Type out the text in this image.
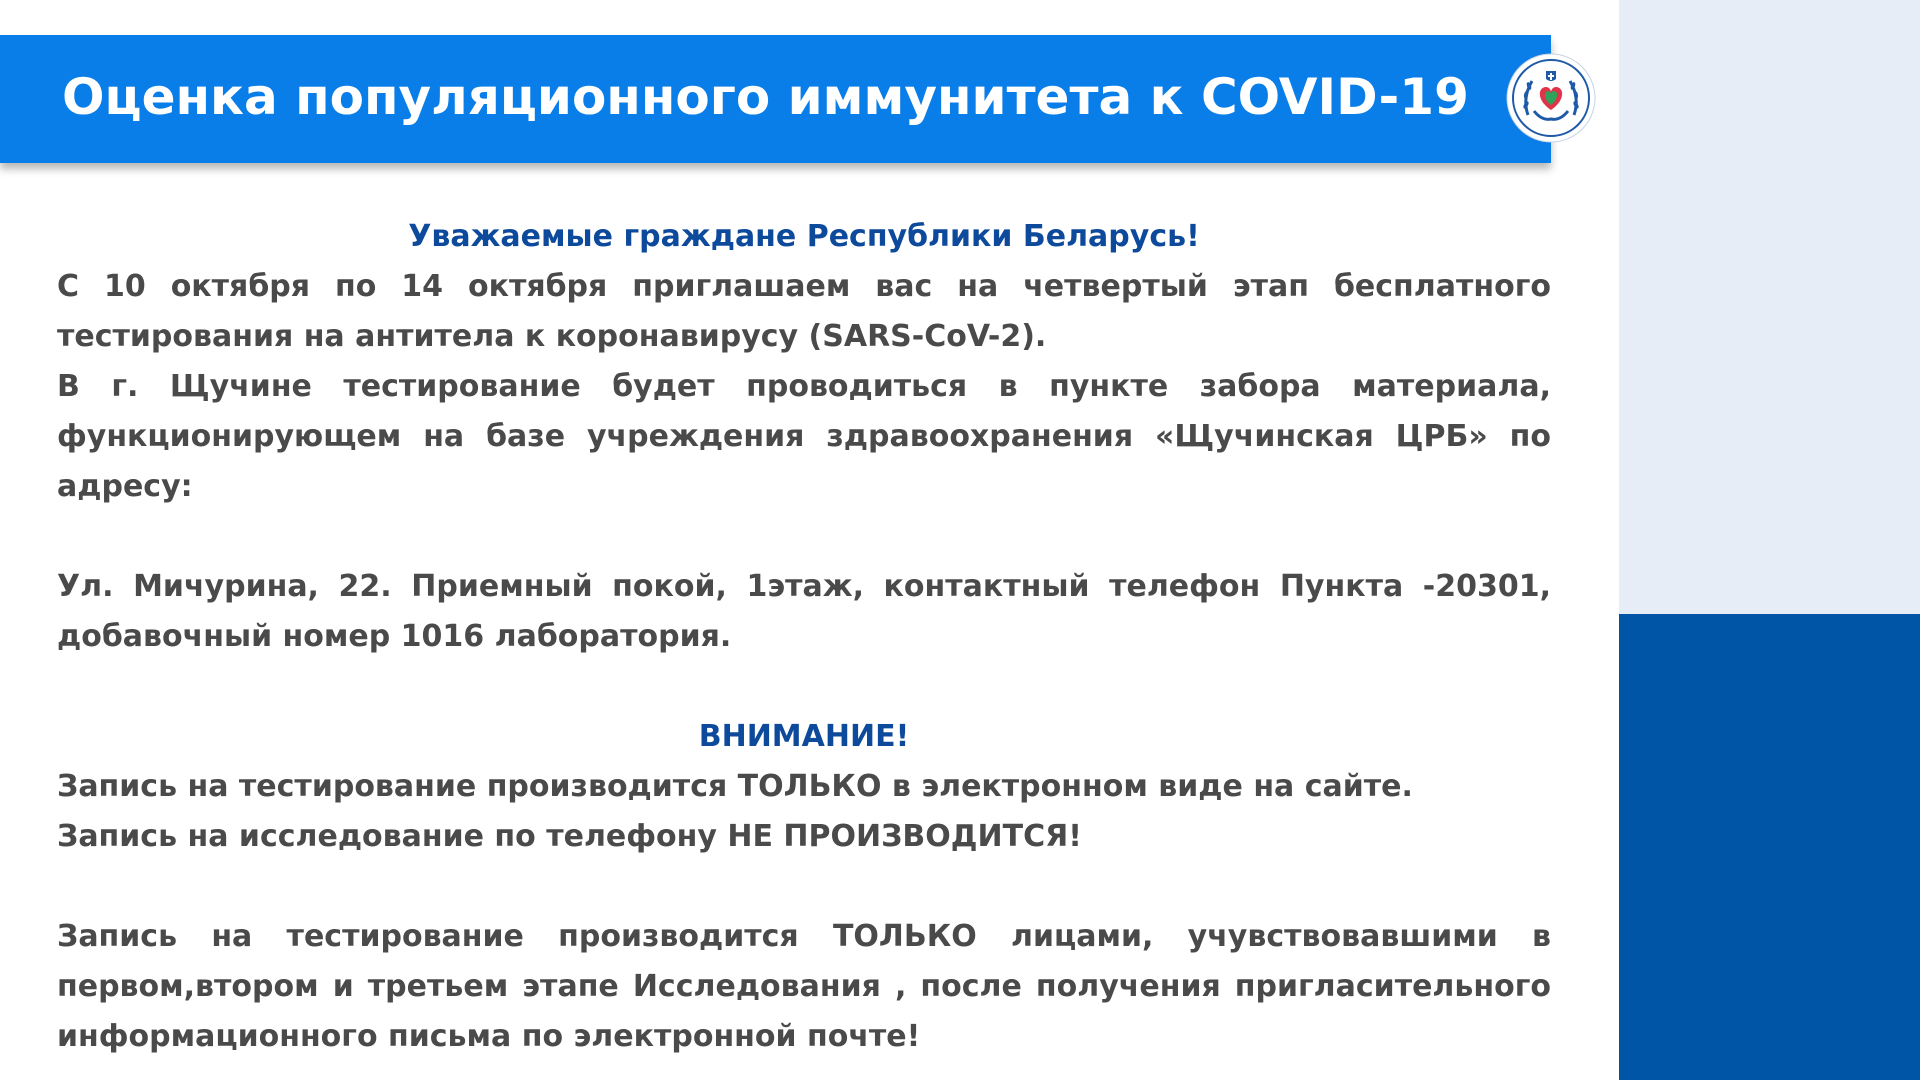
Оценка популяционного иммунитета к COVID-19

Уважаемые граждане Республики Беларусь!

С 10 октября по 14 октября приглашаем вас на четвертый этап бесплатного тестирования на антитела к коронавирусу (SARS-CoV-2).

В г. Щучине тестирование будет проводиться в пункте забора материала, функционирующем на базе учреждения здравоохранения «Щучинская ЦРБ» по адресу:

Ул. Мичурина, 22. Приемный покой, 1этаж, контактный телефон Пункта -20301, добавочный номер 1016 лаборатория.

ВНИМАНИЕ!

Запись на тестирование производится ТОЛЬКО в электронном виде на сайте.

Запись на исследование по телефону НЕ ПРОИЗВОДИТСЯ!

Запись на тестирование производится ТОЛЬКО лицами, учувствовавшими в первом,втором и третьем этапе Исследования , после получения пригласительного информационного письма по электронной почте!
